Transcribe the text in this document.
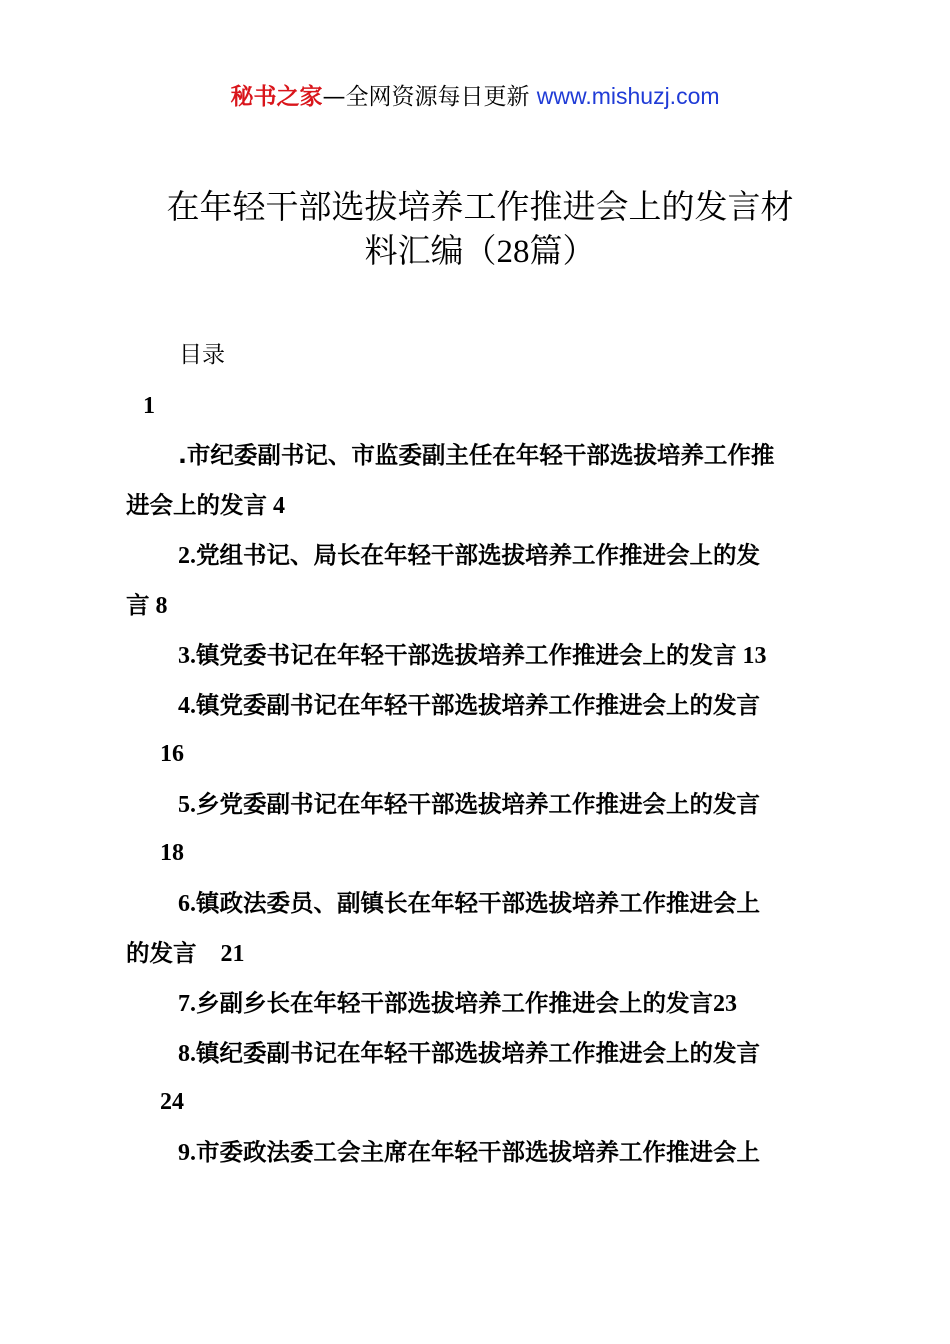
秘书之家—全网资源每日更新 www.mishuzj.com
在年轻干部选拔培养工作推进会上的发言材
料汇编（28篇）
目录
1
.市纪委副书记、市监委副主任在年轻干部选拔培养工作推
进会上的发言 4
2.党组书记、局长在年轻干部选拔培养工作推进会上的发
言 8
3.镇党委书记在年轻干部选拔培养工作推进会上的发言 13
4.镇党委副书记在年轻干部选拔培养工作推进会上的发言
16
5.乡党委副书记在年轻干部选拔培养工作推进会上的发言
18
6.镇政法委员、副镇长在年轻干部选拔培养工作推进会上
的发言    21
7.乡副乡长在年轻干部选拔培养工作推进会上的发言23
8.镇纪委副书记在年轻干部选拔培养工作推进会上的发言
24
9.市委政法委工会主席在年轻干部选拔培养工作推进会上
